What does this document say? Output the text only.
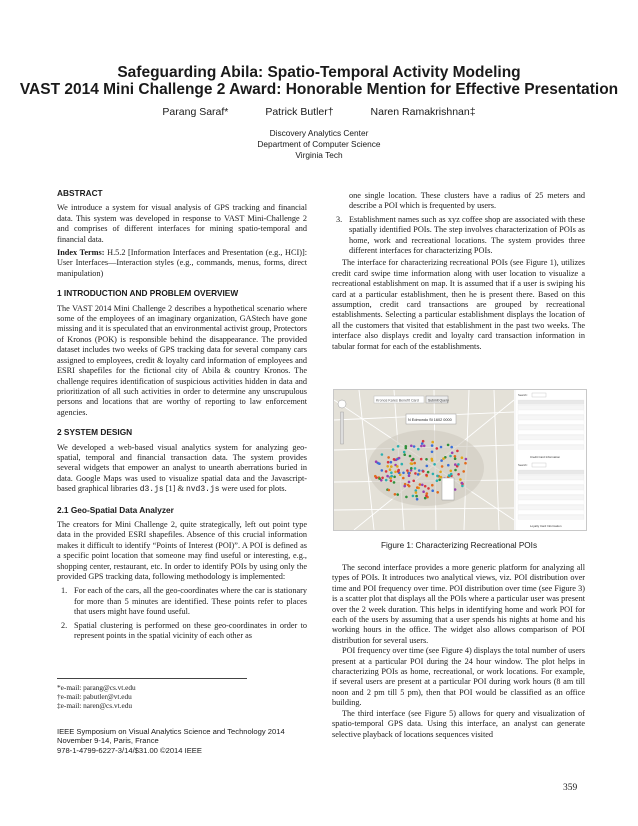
Safeguarding Abila: Spatio-Temporal Activity Modeling
VAST 2014 Mini Challenge 2 Award: Honorable Mention for Effective Presentation
Parang Saraf*	Patrick Butler†	Naren Ramakrishnan‡
Discovery Analytics Center
Department of Computer Science
Virginia Tech

ABSTRACT

We introduce a system for visual analysis of GPS tracking and financial data. This system was developed in response to VAST Mini-Challenge 2 and comprises of different interfaces for mining spatio-temporal and financial data.

Index Terms: H.5.2 [Information Interfaces and Presentation (e.g., HCI)]: User Interfaces—Interaction styles (e.g., commands, menus, forms, direct manipulation)

1 INTRODUCTION AND PROBLEM OVERVIEW

The VAST 2014 Mini Challenge 2 describes a hypothetical scenario where some of the employees of an imaginary organization, GAStech have gone missing and it is speculated that an environmental activist group, Protectors of Kronos (POK) is responsible behind the disappearance. The provided dataset includes two weeks of GPS tracking data for several company cars assigned to employees, credit & loyalty card information of employees and ESRI shapefiles for the fictional city of Abila & country Kronos. The challenge requires identification of suspicious activities hidden in data and prioritization of all such activities in order to determine any unscrupulous persons and locations that are worthy of reporting to law enforcement agencies.

2 SYSTEM DESIGN

We developed a web-based visual analytics system for analyzing geo-spatial, temporal and financial transaction data. The system provides several widgets that empower an analyst to unearth aberrations buried in data. Google Maps was used to visualize spatial data and the Javascript-based graphical libraries d3.js [1] & nvd3.js were used for plots.

2.1 Geo-Spatial Data Analyzer

The creators for Mini Challenge 2, quite strategically, left out point type data in the provided ESRI shapefiles. Absence of this crucial information makes it difficult to identify “Points of Interest (POI)”. A POI is defined as a specific point location that someone may find useful or interesting, e.g., shopping center, restaurant, etc. In order to identify POIs by using only the provided GPS tracking data, following methodology is implemented:

1. For each of the cars, all the geo-coordinates where the car is stationary for more than 5 minutes are identified. These points refer to places that users might have found useful.
2. Spatial clustering is performed on these geo-coordinates in order to represent points in the spatial vicinity of each other as
*e-mail: parang@cs.vt.edu
†e-mail: pabutler@vt.edu
‡e-mail: naren@cs.vt.edu
IEEE Symposium on Visual Analytics Science and Technology 2014
November 9-14, Paris, France
978-1-4799-6227-3/14/$31.00 ©2014 IEEE

one single location. These clusters have a radius of 25 meters and describe a POI which is frequented by users.

3. Establishment names such as xyz coffee shop are associated with these spatially identified POIs. The step involves characterization of POIs as home, work and recreational locations. The system provides three different interfaces for characterizing POIs.

The interface for characterizing recreational POIs (see Figure 1), utilizes credit card swipe time information along with user location to visualize a recreational establishment on map. It is assumed that if a user is swiping his card at a particular establishment, then he is present there. Based on this assumption, credit card transactions are grouped by recreational establishments. Selecting a particular establishment displays the location of all the customers that visited that establishment in the past two weeks. The interface also displays credit and loyalty card transaction information in tabular format for each of the establishments.

Kronos Kares Benefit Card	Submit Query
N Edmondo St 1602 0000
Search:
Credit Card Information
Search:
Loyalty Card Information
Figure 1: Characterizing Recreational POIs

The second interface provides a more generic platform for analyzing all types of POIs. It introduces two analytical views, viz. POI distribution over time and POI frequency over time. POI distribution over time (see Figure 3) is a scatter plot that displays all the POIs where a particular user was present over the 2 week duration. This helps in identifying home and work POI for each of the users by assuming that a user spends his nights at home and his working hours in the office. The widget also allows comparison of POI distribution for several users.

POI frequency over time (see Figure 4) displays the total number of users present at a particular POI during the 24 hour window. The plot helps in characterizing POIs as home, recreational, or work locations. For example, if several users are present at a particular POI during work hours (8 am till noon and 2 pm till 5 pm), then that POI would be classified as an office building.

The third interface (see Figure 5) allows for query and visualization of spatio-temporal GPS data. Using this interface, an analyst can generate selective playback of locations sequences visited

359
